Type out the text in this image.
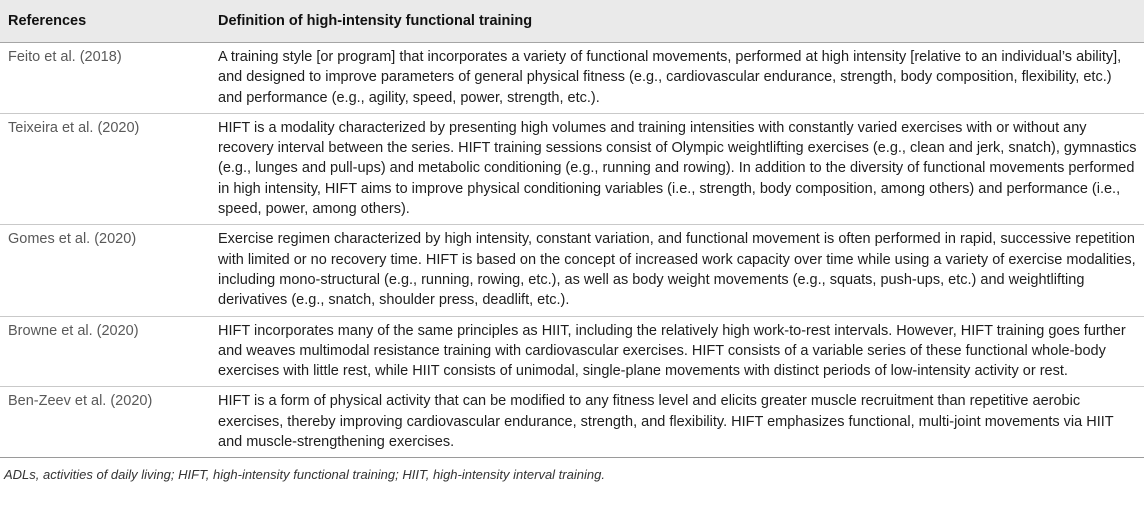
References	Definition of high-intensity functional training
Feito et al. (2018)	A training style [or program] that incorporates a variety of functional movements, performed at high intensity [relative to an individual’s ability], and designed to improve parameters of general physical fitness (e.g., cardiovascular endurance, strength, body composition, flexibility, etc.) and performance (e.g., agility, speed, power, strength, etc.).
Teixeira et al. (2020)	HIFT is a modality characterized by presenting high volumes and training intensities with constantly varied exercises with or without any recovery interval between the series. HIFT training sessions consist of Olympic weightlifting exercises (e.g., clean and jerk, snatch), gymnastics (e.g., lunges and pull-ups) and metabolic conditioning (e.g., running and rowing). In addition to the diversity of functional movements performed in high intensity, HIFT aims to improve physical conditioning variables (i.e., strength, body composition, among others) and performance (i.e., speed, power, among others).
Gomes et al. (2020)	Exercise regimen characterized by high intensity, constant variation, and functional movement is often performed in rapid, successive repetition with limited or no recovery time. HIFT is based on the concept of increased work capacity over time while using a variety of exercise modalities, including mono-structural (e.g., running, rowing, etc.), as well as body weight movements (e.g., squats, push-ups, etc.) and weightlifting derivatives (e.g., snatch, shoulder press, deadlift, etc.).
Browne et al. (2020)	HIFT incorporates many of the same principles as HIIT, including the relatively high work-to-rest intervals. However, HIFT training goes further and weaves multimodal resistance training with cardiovascular exercises. HIFT consists of a variable series of these functional whole-body exercises with little rest, while HIIT consists of unimodal, single-plane movements with distinct periods of low-intensity activity or rest.
Ben-Zeev et al. (2020)	HIFT is a form of physical activity that can be modified to any fitness level and elicits greater muscle recruitment than repetitive aerobic exercises, thereby improving cardiovascular endurance, strength, and flexibility. HIFT emphasizes functional, multi-joint movements via HIIT and muscle-strengthening exercises.
ADLs, activities of daily living; HIFT, high-intensity functional training; HIIT, high-intensity interval training.
